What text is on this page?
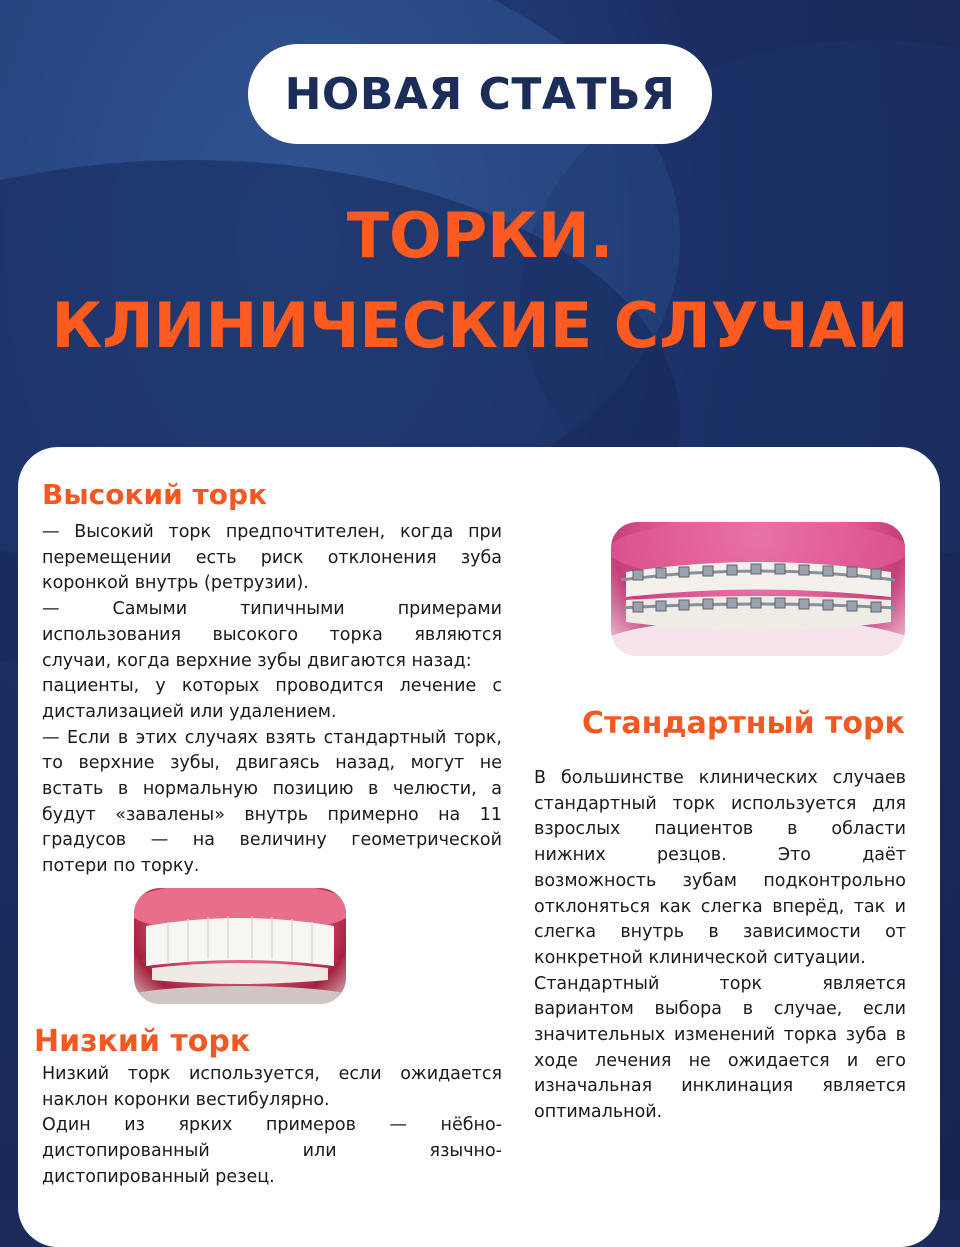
НОВАЯ СТАТЬЯ
ТОРКИ.
КЛИНИЧЕСКИЕ СЛУЧАИ
Высокий торк
— Высокий торк предпочтителен, когда при
перемещении есть риск отклонения зуба
коронкой внутрь (ретрузии).
— Самыми типичными примерами
использования высокого торка являются
случаи, когда верхние зубы двигаются назад:
пациенты, у которых проводится лечение с
дистализацией или удалением.
— Если в этих случаях взять стандартный торк,
то верхние зубы, двигаясь назад, могут не
встать в нормальную позицию в челюсти, а
будут «завалены» внутрь примерно на 11
градусов — на величину геометрической
потери по торку.
Стандартный торк
В большинстве клинических случаев
стандартный торк используется для
взрослых пациентов в области
нижних резцов. Это даёт
возможность зубам подконтрольно
отклоняться как слегка вперёд, так и
слегка внутрь в зависимости от
конкретной клинической ситуации.
Стандартный торк является
вариантом выбора в случае, если
значительных изменений торка зуба в
ходе лечения не ожидается и его
изначальная инклинация является
оптимальной.
Низкий торк
Низкий торк используется, если ожидается
наклон коронки вестибулярно.
Один из ярких примеров — нёбно-
дистопированный или язычно-
дистопированный резец.
